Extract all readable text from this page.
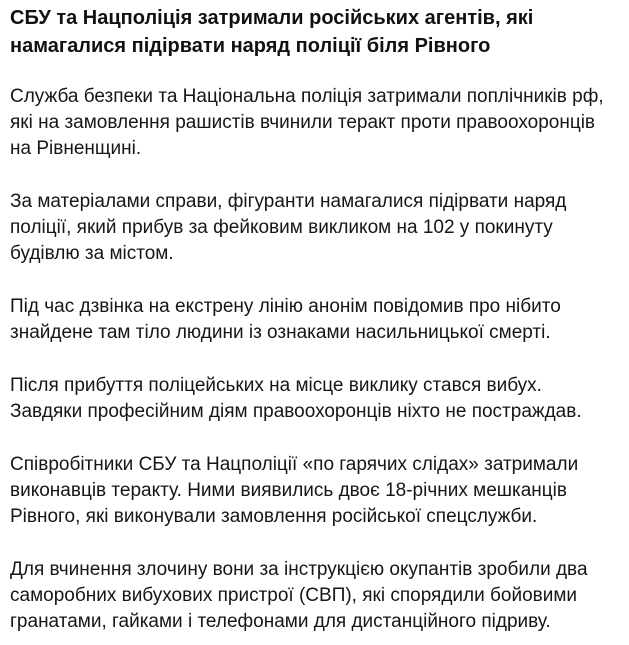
СБУ та Нацполіція затримали російських агентів, які намагалися підірвати наряд поліції біля Рівного

Служба безпеки та Національна поліція затримали поплічників рф, які на замовлення рашистів вчинили теракт проти правоохоронців на Рівненщині.

За матеріалами справи, фігуранти намагалися підірвати наряд поліції, який прибув за фейковим викликом на 102 у покинуту будівлю за містом.

Під час дзвінка на екстрену лінію анонім повідомив про нібито знайдене там тіло людини із ознаками насильницької смерті.

Після прибуття поліцейських на місце виклику стався вибух. Завдяки професійним діям правоохоронців ніхто не постраждав.

Співробітники СБУ та Нацполіції «по гарячих слідах» затримали виконавців теракту. Ними виявились двоє 18-річних мешканців Рівного, які виконували замовлення російської спецслужби.

Для вчинення злочину вони за інструкцією окупантів зробили два саморобних вибухових пристрої (СВП), які спорядили бойовими гранатами, гайками і телефонами для дистанційного підриву.
